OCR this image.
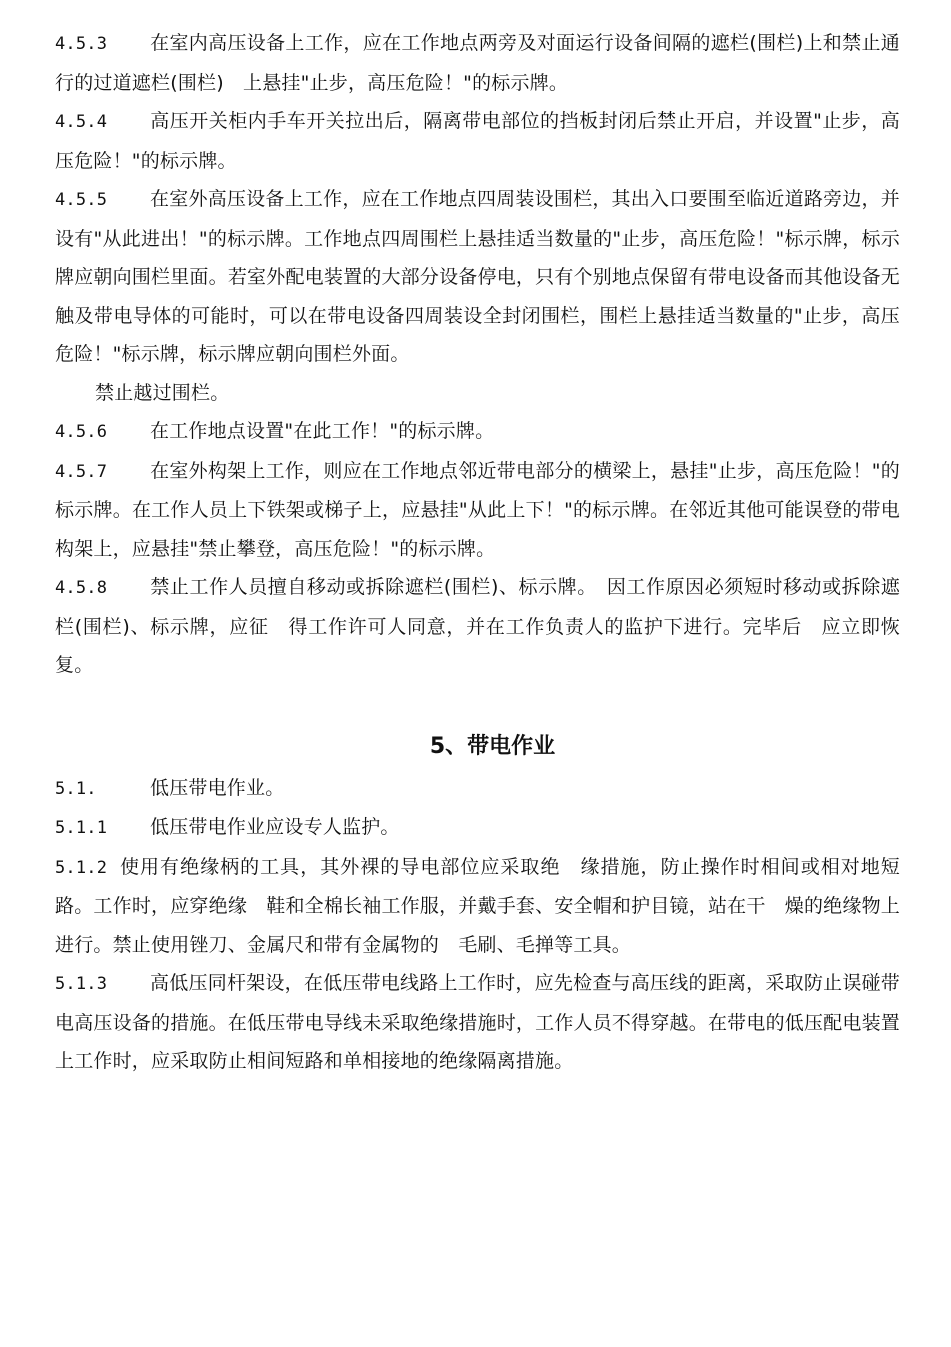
4.5.3 在室内高压设备上工作，应在工作地点两旁及对面运行设备间隔的遮栏(围栏)上和禁止通行的过道遮栏(围栏)　上悬挂"止步，高压危险！"的标示牌。

4.5.4 高压开关柜内手车开关拉出后，隔离带电部位的挡板封闭后禁止开启，并设置"止步，高压危险！"的标示牌。

4.5.5 在室外高压设备上工作，应在工作地点四周装设围栏，其出入口要围至临近道路旁边，并设有"从此进出！"的标示牌。工作地点四周围栏上悬挂适当数量的"止步，高压危险！"标示牌，标示牌应朝向围栏里面。若室外配电装置的大部分设备停电，只有个别地点保留有带电设备而其他设备无触及带电导体的可能时，可以在带电设备四周装设全封闭围栏，围栏上悬挂适当数量的"止步，高压危险！"标示牌，标示牌应朝向围栏外面。

禁止越过围栏。

4.5.6 在工作地点设置"在此工作！"的标示牌。

4.5.7 在室外构架上工作，则应在工作地点邻近带电部分的横梁上，悬挂"止步，高压危险！"的标示牌。在工作人员上下铁架或梯子上，应悬挂"从此上下！"的标示牌。在邻近其他可能误登的带电构架上，应悬挂"禁止攀登，高压危险！"的标示牌。

4.5.8 禁止工作人员擅自移动或拆除遮栏(围栏)、标示牌。　因工作原因必须短时移动或拆除遮栏(围栏)、标示牌，应征　得工作许可人同意，并在工作负责人的监护下进行。完毕后　应立即恢复。

5、带电作业

5.1.	低压带电作业。

5.1.1 低压带电作业应设专人监护。

5.1.2 使用有绝缘柄的工具，其外裸的导电部位应采取绝　缘措施，防止操作时相间或相对地短路。工作时，应穿绝缘　鞋和全棉长袖工作服，并戴手套、安全帽和护目镜，站在干　燥的绝缘物上进行。禁止使用锉刀、金属尺和带有金属物的　毛刷、毛掸等工具。

5.1.3 高低压同杆架设，在低压带电线路上工作时，应先检查与高压线的距离，采取防止误碰带电高压设备的措施。在低压带电导线未采取绝缘措施时，工作人员不得穿越。在带电的低压配电装置上工作时，应采取防止相间短路和单相接地的绝缘隔离措施。
